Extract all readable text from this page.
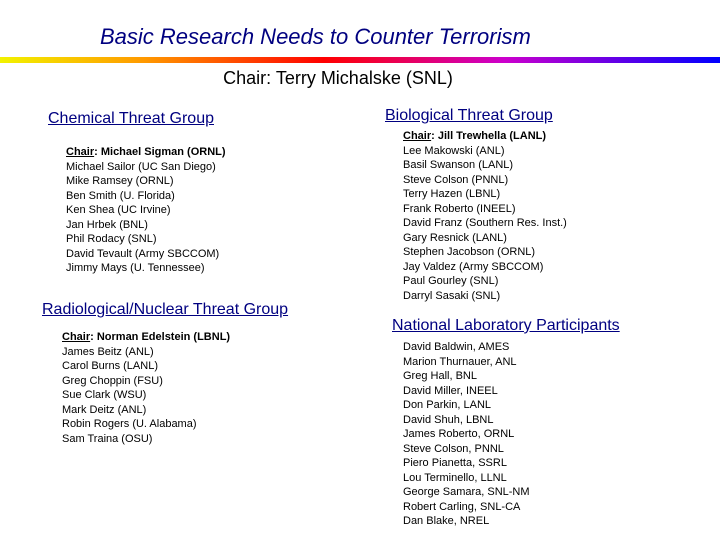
Basic Research Needs to Counter Terrorism
Chair: Terry Michalske (SNL)
Chemical Threat Group
Chair: Michael Sigman (ORNL)
Michael Sailor (UC San Diego)
Mike Ramsey (ORNL)
Ben Smith (U. Florida)
Ken Shea (UC Irvine)
Jan Hrbek (BNL)
Phil Rodacy (SNL)
David Tevault (Army SBCCOM)
Jimmy Mays (U. Tennessee)
Biological Threat Group
Chair: Jill Trewhella (LANL)
Lee Makowski (ANL)
Basil Swanson (LANL)
Steve Colson (PNNL)
Terry Hazen (LBNL)
Frank Roberto (INEEL)
David Franz (Southern Res. Inst.)
Gary Resnick (LANL)
Stephen Jacobson (ORNL)
Jay Valdez (Army SBCCOM)
Paul Gourley (SNL)
Darryl Sasaki (SNL)
Radiological/Nuclear Threat Group
Chair: Norman Edelstein (LBNL)
James Beitz (ANL)
Carol Burns (LANL)
Greg Choppin (FSU)
Sue Clark (WSU)
Mark Deitz (ANL)
Robin Rogers (U. Alabama)
Sam Traina (OSU)
National Laboratory Participants
David Baldwin, AMES
Marion Thurnauer, ANL
Greg Hall, BNL
David Miller, INEEL
Don Parkin, LANL
David Shuh, LBNL
James Roberto, ORNL
Steve Colson, PNNL
Piero Pianetta, SSRL
Lou Terminello, LLNL
George Samara, SNL-NM
Robert Carling, SNL-CA
Dan Blake, NREL
